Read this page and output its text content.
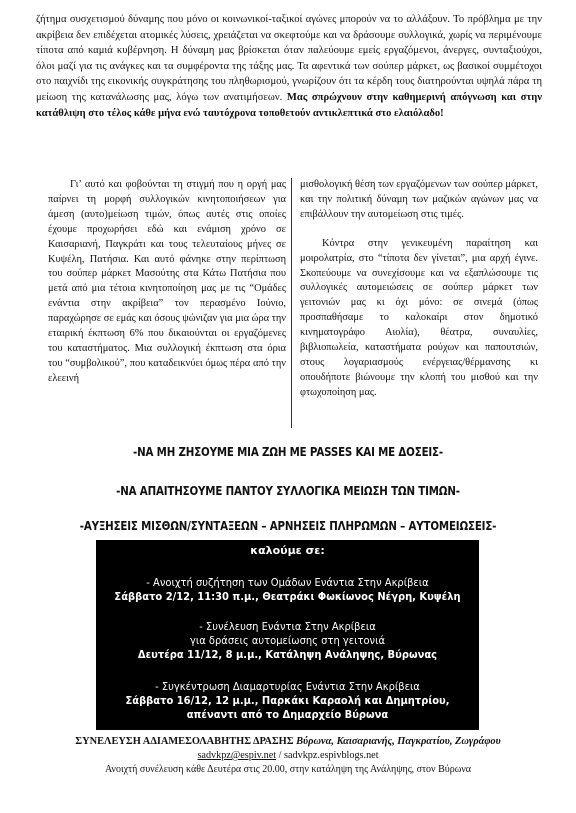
ζήτημα συσχετισμού δύναμης που μόνο οι κοινωνικοί-ταξικοί αγώνες μπορούν να το αλλάξουν. Το πρόβλημα με την ακρίβεια δεν επιδέχεται ατομικές λύσεις, χρειάζεται να σκεφτούμε και να δράσουμε συλλογικά, χωρίς να περιμένουμε τίποτα από καμιά κυβέρνηση. Η δύναμη μας βρίσκεται όταν παλεύουμε εμείς εργαζόμενοι, άνεργες, συνταξιούχοι, όλοι μαζί για τις ανάγκες και τα συμφέροντα της τάξης μας. Τα αφεντικά των σούπερ μάρκετ, ως βασικοί συμμέτοχοι στο παιχνίδι της εικονικής συγκράτησης του πληθωρισμού, γνωρίζουν ότι τα κέρδη τους διατηρούνται υψηλά πάρα τη μείωση της κατανάλωσης μας, λόγω των ανατιμήσεων. Μας σπρώχνουν στην καθημερινή απόγνωση και στην κατάθλιψη στο τέλος κάθε μήνα ενώ ταυτόχρονα τοποθετούν αντικλεπτικά στο ελαιόλαδο!

Γι’ αυτό και φοβούνται τη στιγμή που η οργή μας παίρνει τη μορφή συλλογικών κινητοποιήσεων για άμεση (αυτο)μείωση τιμών, όπως αυτές στις οποίες έχουμε προχωρήσει εδώ και ενάμιση χρόνο σε Καισαριανή, Παγκράτι και τους τελευταίους μήνες σε Κυψέλη, Πατήσια. Και αυτό φάνηκε στην περίπτωση του σούπερ μάρκετ Μασούτης στα Κάτω Πατήσια που μετά από μια τέτοια κινητοποίηση μας με τις “Ομάδες ενάντια στην ακρίβεια” τον περασμένο Ιούνιο, παραχώρησε σε εμάς και όσους ψώνιζαν για μια ώρα την εταιρική έκπτωση 6% που δικαιούνται οι εργαζόμενες του καταστήματος. Μια συλλογική έκπτωση στα όρια του “συμβολικού”, που καταδεικνύει όμως πέρα από την ελεεινή

μισθολογική θέση των εργαζόμενων των σούπερ μάρκετ, και την πολιτική δύναμη των μαζικών αγώνων μας να επιβάλλουν την αυτομείωση στις τιμές.

Κόντρα στην γενικευμένη παραίτηση και μοιρολατρία, στο “τίποτα δεν γίνεται”, μια αρχή έγινε. Σκοπεύουμε να συνεχίσουμε και να εξαπλώσουμε τις συλλογικές αυτομειώσεις σε σούπερ μάρκετ των γειτονιών μας κι όχι μόνο: σε σινεμά (όπως προσπαθήσαμε το καλοκαίρι στον δημοτικό κινηματογράφο Αιολία), θέατρα, συναυλίες, βιβλιοπωλεία, καταστήματα ρούχων και παπουτσιών, στους λογαριασμούς ενέργειας/θέρμανσης κι οπουδήποτε βιώνουμε την κλοπή του μισθού και την φτωχοποίηση μας.

-ΝΑ ΜΗ ΖΗΣΟΥΜΕ ΜΙΑ ΖΩΗ ΜΕ PASSES ΚΑΙ ΜΕ ΔΟΣΕΙΣ-
-ΝΑ ΑΠΑΙΤΗΣΟΥΜΕ ΠΑΝΤΟΥ ΣΥΛΛΟΓΙΚΑ ΜΕΙΩΣΗ ΤΩΝ ΤΙΜΩΝ-
-ΑΥΞΗΣΕΙΣ ΜΙΣΘΩΝ/ΣΥΝΤΑΞΕΩΝ – ΑΡΝΗΣΕΙΣ ΠΛΗΡΩΜΩΝ – ΑΥΤΟΜΕΙΩΣΕΙΣ-
καλούμε σε:
- Ανοιχτή συζήτηση των Ομάδων Ενάντια Στην Ακρίβεια
Σάββατο 2/12, 11:30 π.μ., Θεατράκι Φωκίωνος Νέγρη, Κυψέλη
- Συνέλευση Ενάντια Στην Ακρίβεια
για δράσεις αυτομείωσης στη γειτονιά
Δευτέρα 11/12, 8 μ.μ., Κατάληψη Ανάληψης, Βύρωνας
- Συγκέντρωση Διαμαρτυρίας Ενάντια Στην Ακρίβεια
Σάββατο 16/12, 12 μ.μ., Παρκάκι Καραολή και Δημητρίου,
απέναντι από το Δημαρχείο Βύρωνα
ΣΥΝΕΛΕΥΣΗ ΑΔΙΑΜΕΣΟΛΑΒΗΤΗΣ ΔΡΑΣΗΣ Βύρωνα, Καισαριανής, Παγκρατίου, Ζωγράφου
sadvkpz@espiv.net / sadvkpz.espivblogs.net
Ανοιχτή συνέλευση κάθε Δευτέρα στις 20.00, στην κατάληψη της Ανάληψης, στον Βύρωνα
